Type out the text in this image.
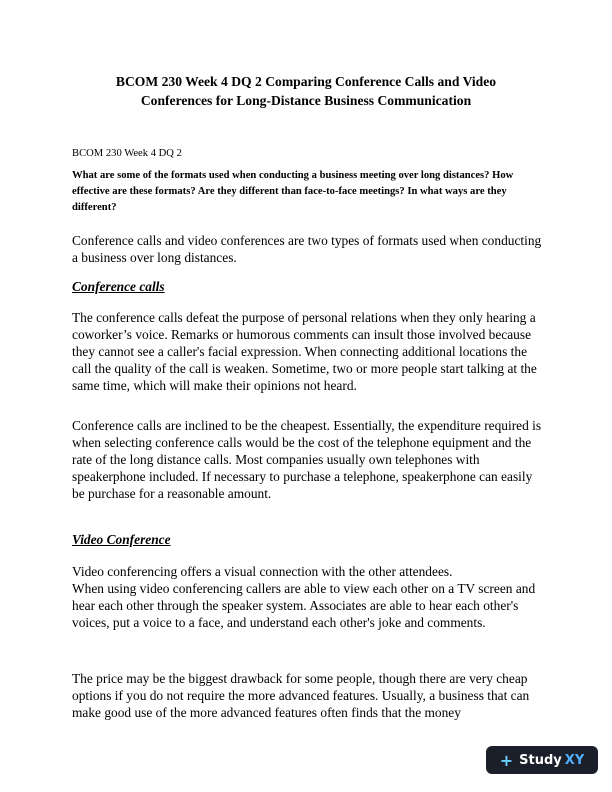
BCOM 230 Week 4 DQ 2 Comparing Conference Calls and Video
Conferences for Long-Distance Business Communication
BCOM 230 Week 4 DQ 2
What are some of the formats used when conducting a business meeting over long distances? How effective are these formats? Are they different than face-to-face meetings? In what ways are they different?

Conference calls and video conferences are two types of formats used when conducting a business over long distances.

Conference calls

The conference calls defeat the purpose of personal relations when they only hearing a coworker’s voice. Remarks or humorous comments can insult those involved because they cannot see a caller's facial expression. When connecting additional locations the call the quality of the call is weaken. Sometime, two or more people start talking at the same time, which will make their opinions not heard.

Conference calls are inclined to be the cheapest. Essentially, the expenditure required is when selecting conference calls would be the cost of the telephone equipment and the rate of the long distance calls. Most companies usually own telephones with speakerphone included. If necessary to purchase a telephone, speakerphone can easily be purchase for a reasonable amount.

Video Conference

Video conferencing offers a visual connection with the other attendees.

When using video conferencing callers are able to view each other on a TV screen and hear each other through the speaker system. Associates are able to hear each other's voices, put a voice to a face, and understand each other's joke and comments.

The price may be the biggest drawback for some people, though there are very cheap options if you do not require the more advanced features. Usually, a business that can make good use of the more advanced features often finds that the money

+ Study XY
